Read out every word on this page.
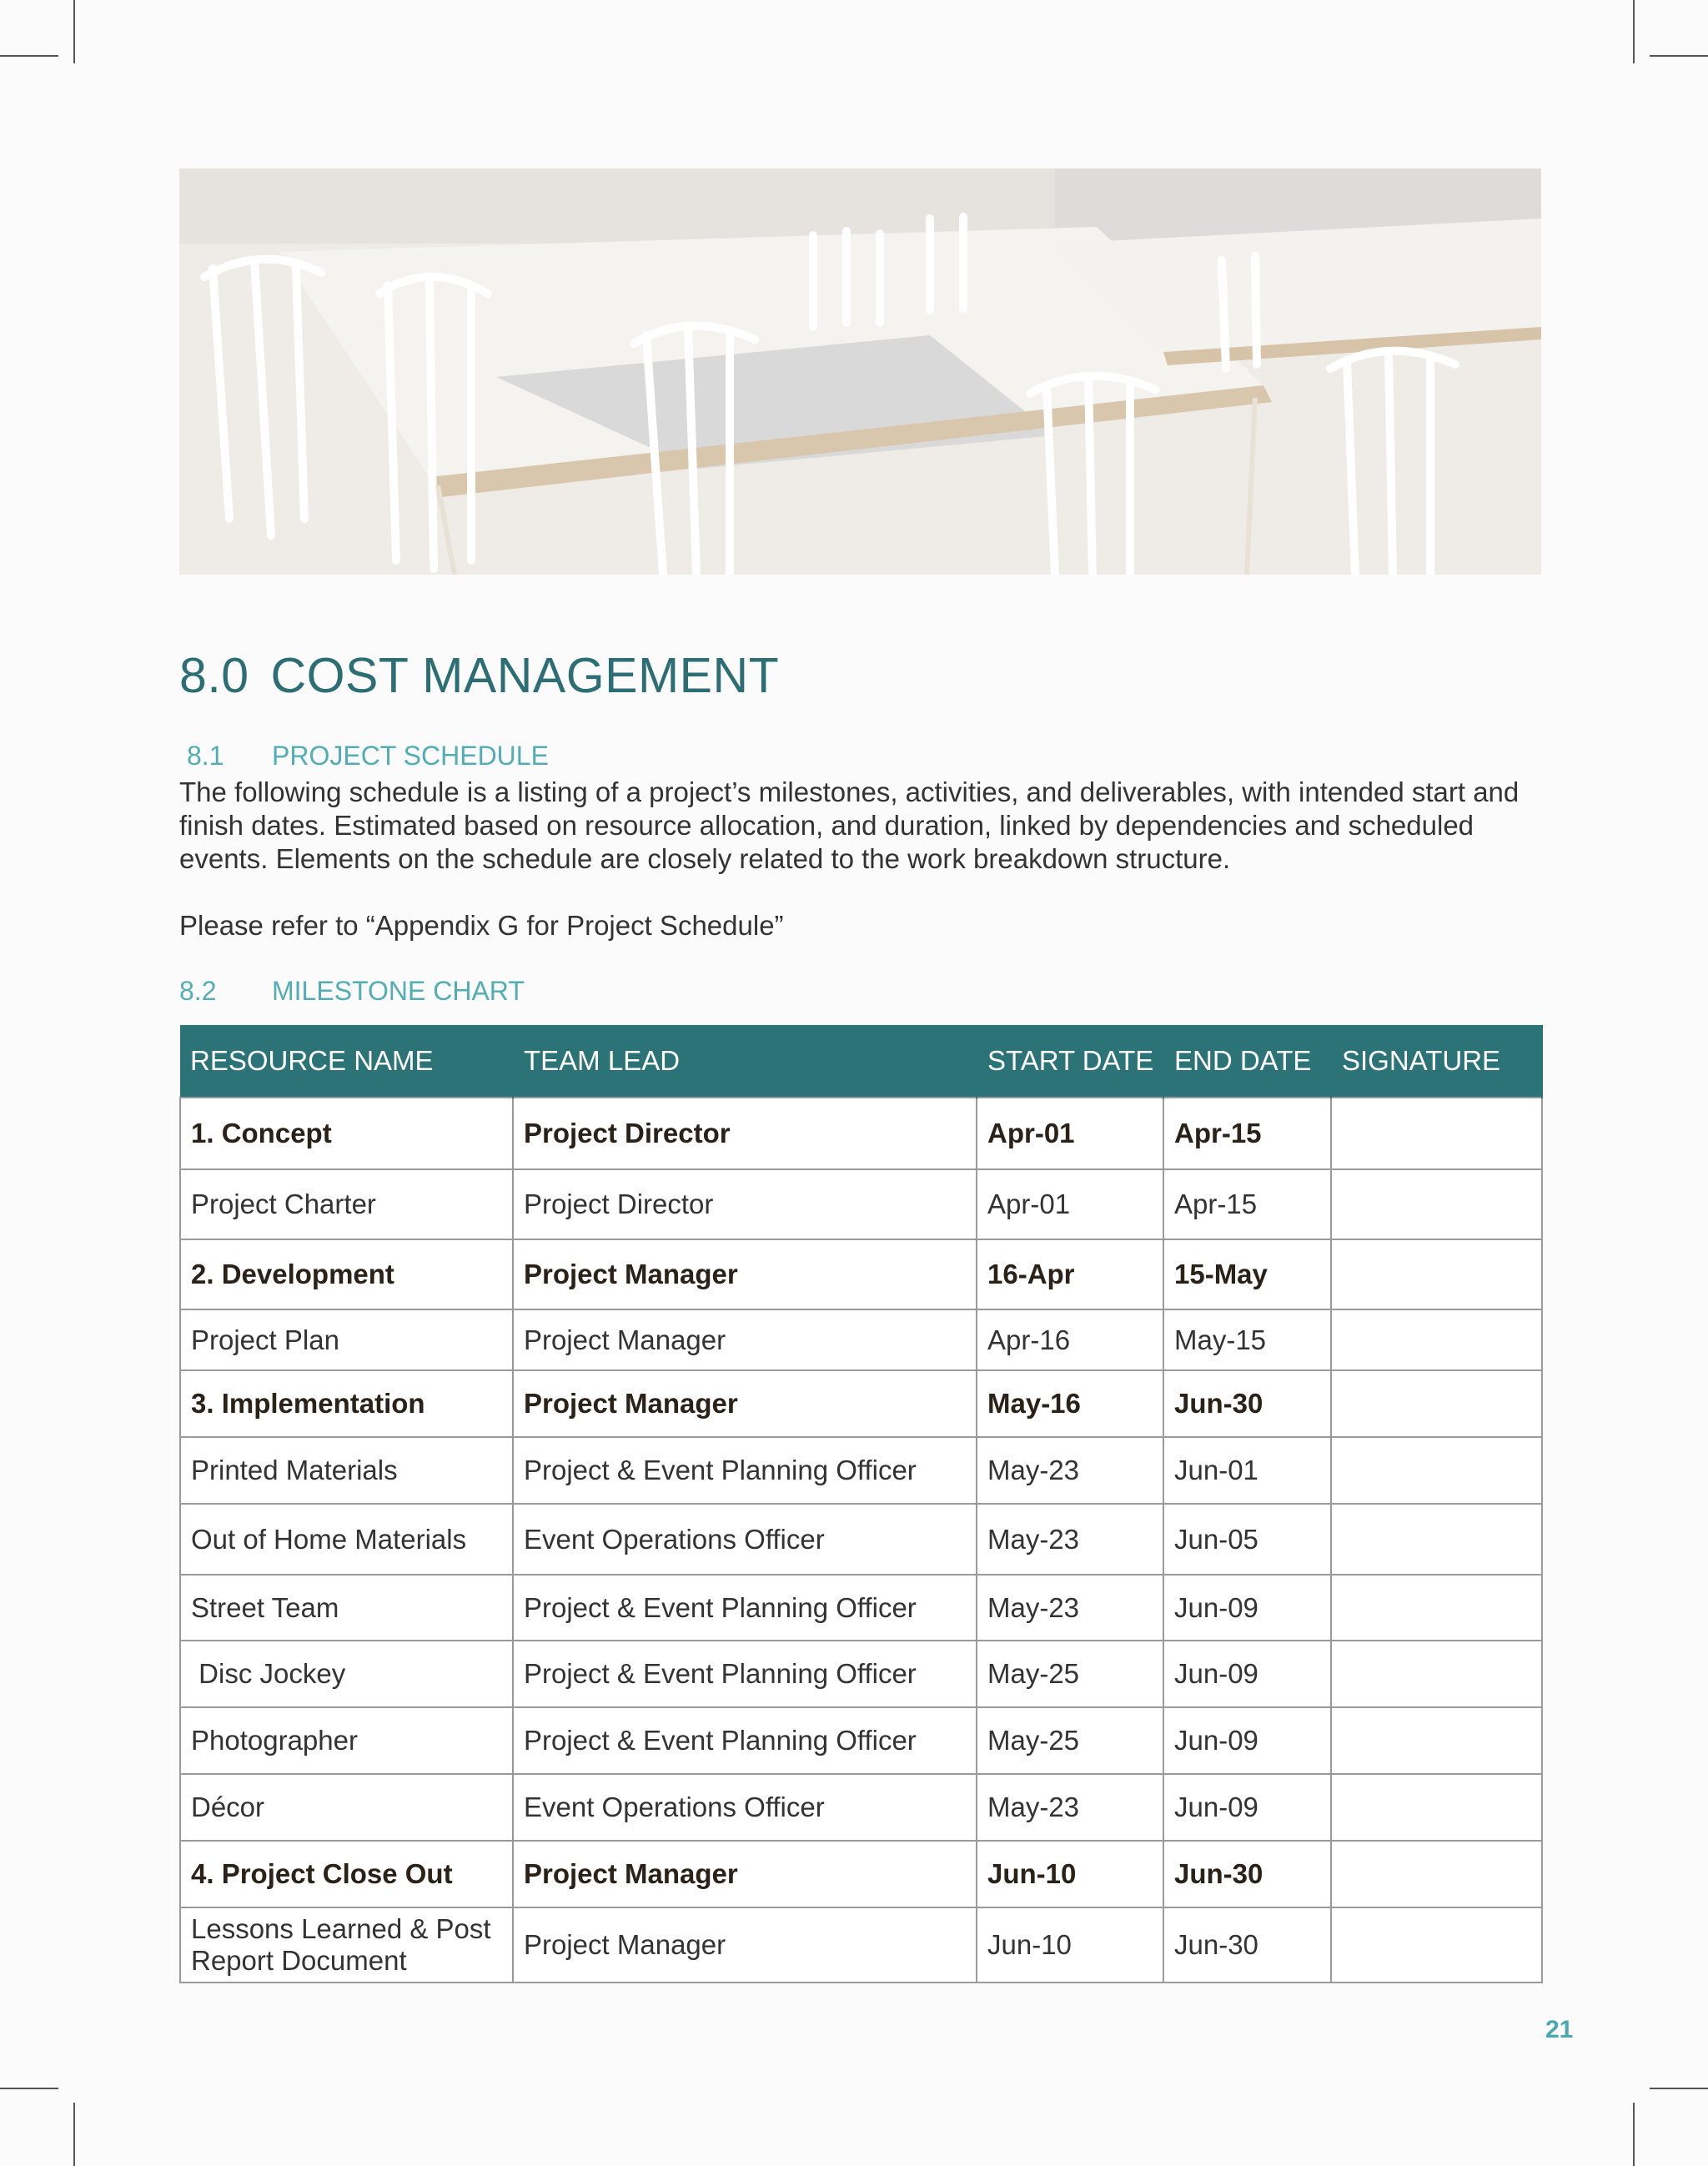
8.0 COST MANAGEMENT
8.1 PROJECT SCHEDULE

The following schedule is a listing of a project’s milestones, activities, and deliverables, with intended start and finish dates. Estimated based on resource allocation, and duration, linked by dependencies and scheduled events. Elements on the schedule are closely related to the work breakdown structure.

Please refer to “Appendix G for Project Schedule”

8.2 MILESTONE CHART
RESOURCE NAME	TEAM LEAD	START DATE	END DATE	SIGNATURE
1. Concept	Project Director	Apr-01	Apr-15	
Project Charter	Project Director	Apr-01	Apr-15	
2. Development	Project Manager	16-Apr	15-May	
Project Plan	Project Manager	Apr-16	May-15	
3. Implementation	Project Manager	May-16	Jun-30	
Printed Materials	Project & Event Planning Officer	May-23	Jun-01	
Out of Home Materials	Event Operations Officer	May-23	Jun-05	
Street Team	Project & Event Planning Officer	May-23	Jun-09	
Disc Jockey	Project & Event Planning Officer	May-25	Jun-09	
Photographer	Project & Event Planning Officer	May-25	Jun-09	
Décor	Event Operations Officer	May-23	Jun-09	
4. Project Close Out	Project Manager	Jun-10	Jun-30	
Lessons Learned & Post Report Document	Project Manager	Jun-10	Jun-30	
21
